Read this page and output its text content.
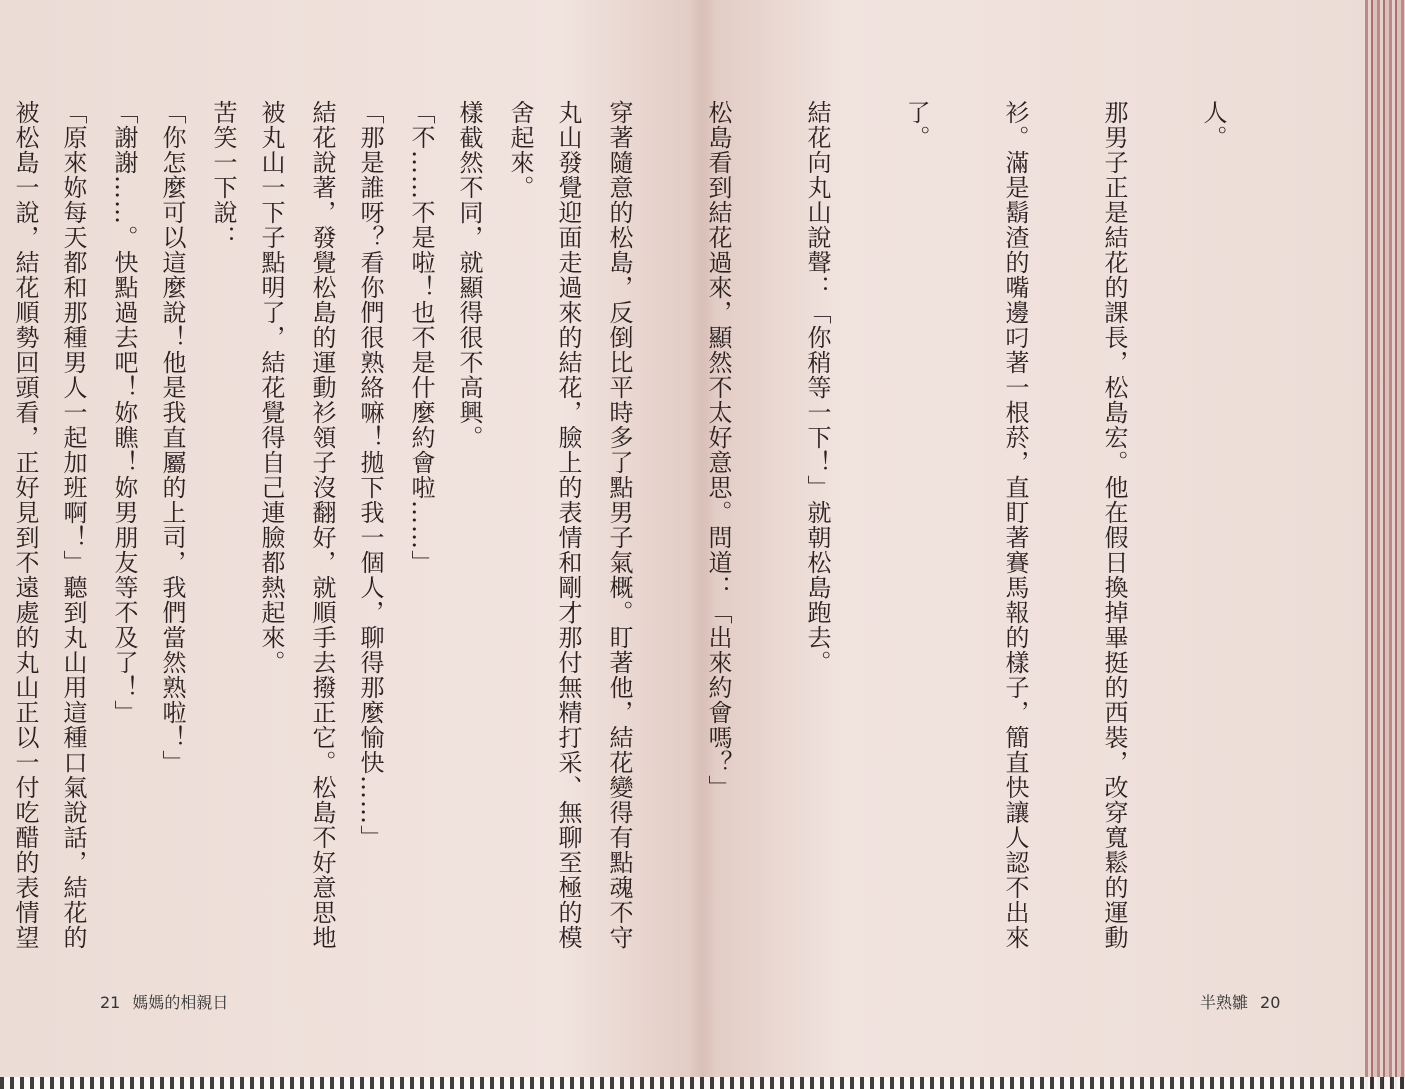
丸山發覺迎面走過來的結花，臉上的表情和剛才那付無精打采、無聊至極的模

樣截然不同，就顯得很不高興。

「那是誰呀？看你們很熟絡嘛！拋下我一個人，聊得那麼愉快……」

被丸山一下子點明了，結花覺得自己連臉都熱起來。

「你怎麼可以這麼說！他是我直屬的上司，我們當然熟啦！」

「原來妳每天都和那種男人一起加班啊！」聽到丸山用這種口氣說話，結花的

	人。

那男子正是結花的課長，松島宏。他在假日換掉畢挺的西裝，改穿寬鬆的運動

衫。滿是鬍渣的嘴邊叼著一根菸，直盯著賽馬報的樣子，簡直快讓人認不出來

了。

結花向丸山說聲：「你稍等一下！」就朝松島跑去。

松島看到結花過來，顯然不太好意思。問道：「出來約會嗎？」

穿著隨意的松島，反倒比平時多了點男子氣概。盯著他，結花變得有點魂不守

舍起來。

「不……不是啦！也不是什麼約會啦……」

結花說著，發覺松島的運動衫領子沒翻好，就順手去撥正它。松島不好意思地

苦笑一下說：

「謝謝……。快點過去吧！妳瞧！妳男朋友等不及了！」

被松島一說，結花順勢回頭看，正好見到不遠處的丸山正以一付吃醋的表情望

21 媽媽的相親日	半熟雛 20
